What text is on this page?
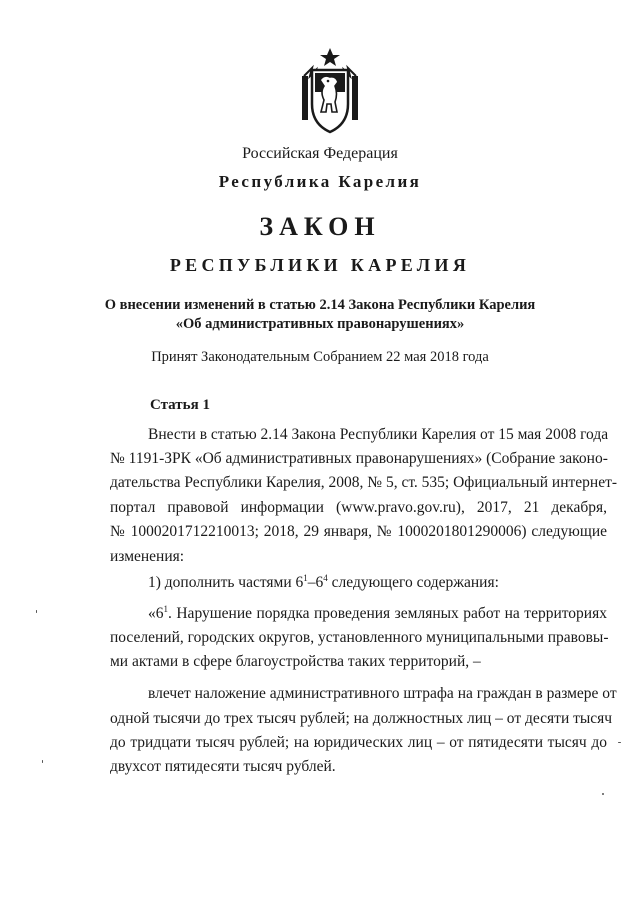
Российская Федерация
Республика Карелия
ЗАКОН
РЕСПУБЛИКИ КАРЕЛИЯ
О внесении изменений в статью 2.14 Закона Республики Карелия
«Об административных правонарушениях»
Принят Законодательным Собранием 22 мая 2018 года
Статья 1
Внести в статью 2.14 Закона Республики Карелия от 15 мая 2008 года
№ 1191-ЗРК «Об административных правонарушениях» (Собрание законо-
дательства Республики Карелия, 2008, № 5, ст. 535; Официальный интернет-
портал правовой информации (www.pravo.gov.ru), 2017, 21 декабря,
№ 1000201712210013; 2018, 29 января, № 1000201801290006) следующие
изменения:
1) дополнить частями $6^1-6^4$ следующего содержания:
«$6^1$. Нарушение порядка проведения земляных работ на территориях
поселений, городских округов, установленного муниципальными правовы-
ми актами в сфере благоустройства таких территорий, –
влечет наложение административного штрафа на граждан в размере от
одной тысячи до трех тысяч рублей; на должностных лиц – от десяти тысяч
до тридцати тысяч рублей; на юридических лиц – от пятидесяти тысяч до
двухсот пятидесяти тысяч рублей.
